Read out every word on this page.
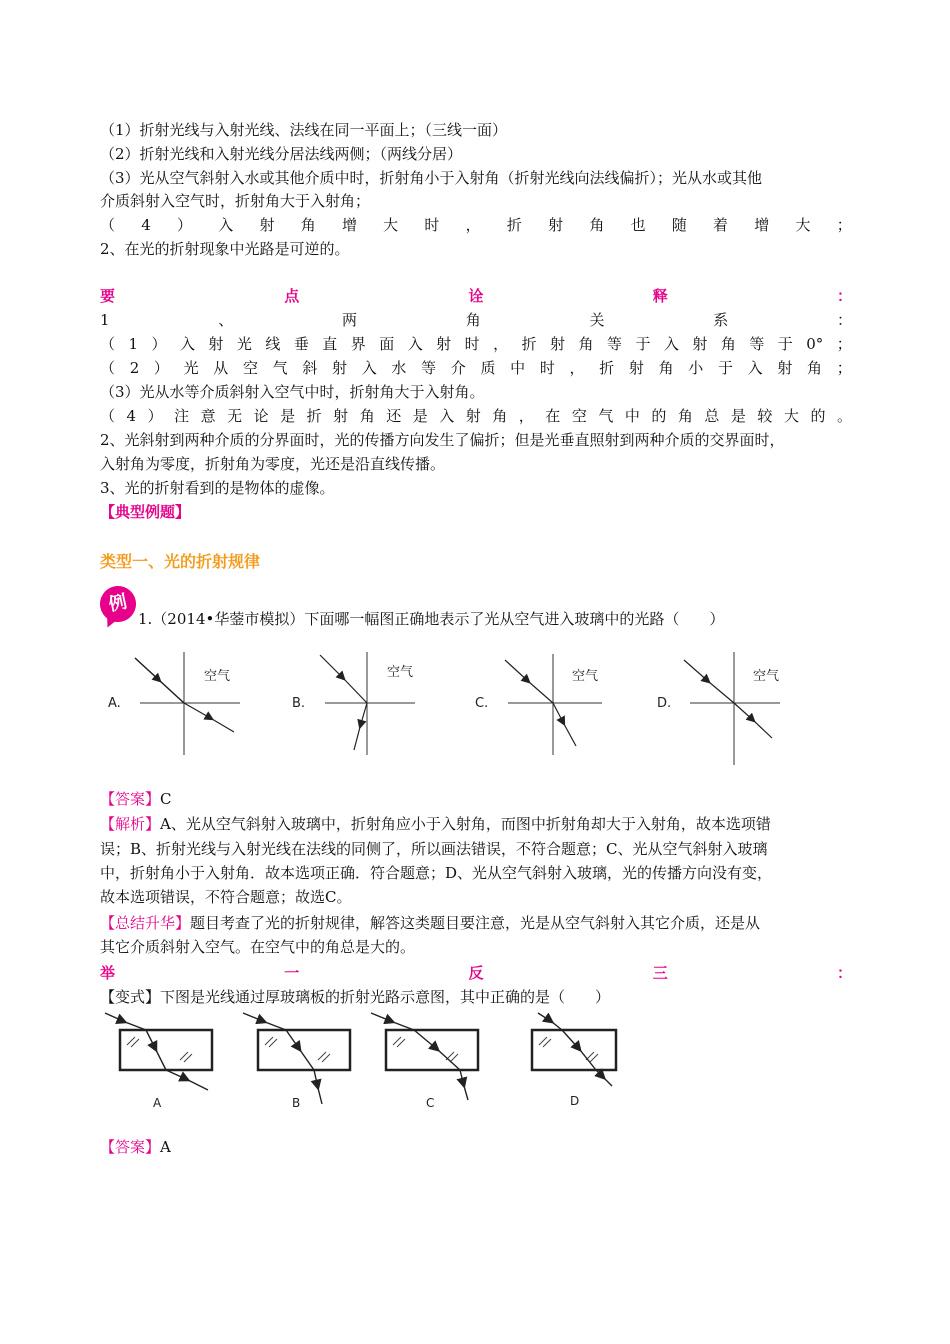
（1）折射光线与入射光线、法线在同一平面上；（三线一面）
（2）折射光线和入射光线分居法线两侧；（两线分居）
（3）光从空气斜射入水或其他介质中时，折射角小于入射角（折射光线向法线偏折）；光从水或其他
介质斜射入空气时，折射角大于入射角；
（ 4 ） 入 射 角 增 大 时 ， 折 射 角 也 随 着 增 大 ；
2、在光的折射现象中光路是可逆的。
要	点	诠	释	：
1	、	两	角	关	系	：
（ 1 ） 入 射 光 线 垂 直 界 面 入 射 时 ， 折 射 角 等 于 入 射 角 等 于 0° ；
（ 2 ） 光 从 空 气 斜 射 入 水 等 介 质 中 时 ， 折 射 角 小 于 入 射 角 ；
（3）光从水等介质斜射入空气中时，折射角大于入射角。
（ 4 ） 注 意 无 论 是 折 射 角 还 是 入 射 角 ， 在 空 气 中 的 角 总 是 较 大 的 。
2、光斜射到两种介质的分界面时，光的传播方向发生了偏折；但是光垂直照射到两种介质的交界面时，
入射角为零度，折射角为零度，光还是沿直线传播。
3、光的折射看到的是物体的虚像。
【典型例题】
类型一、光的折射规律
例
1.（2014•华蓥市模拟）下面哪一幅图正确地表示了光从空气进入玻璃中的光路（　　）
空气
A.
空气
B.
空气
C.
空气
D.
【答案】C
【解析】A、光从空气斜射入玻璃中，折射角应小于入射角，而图中折射角却大于入射角，故本选项错
误；B、折射光线与入射光线在法线的同侧了，所以画法错误，不符合题意；C、光从空气斜射入玻璃
中，折射角小于入射角．故本选项正确．符合题意；D、光从空气斜射入玻璃，光的传播方向没有变，
故本选项错误，不符合题意；故选C。
【总结升华】题目考查了光的折射规律，解答这类题目要注意，光是从空气斜射入其它介质，还是从
其它介质斜射入空气。在空气中的角总是大的。
举	一	反	三	：
【变式】下图是光线通过厚玻璃板的折射光路示意图，其中正确的是（　　）
A	B	C	D
【答案】A
